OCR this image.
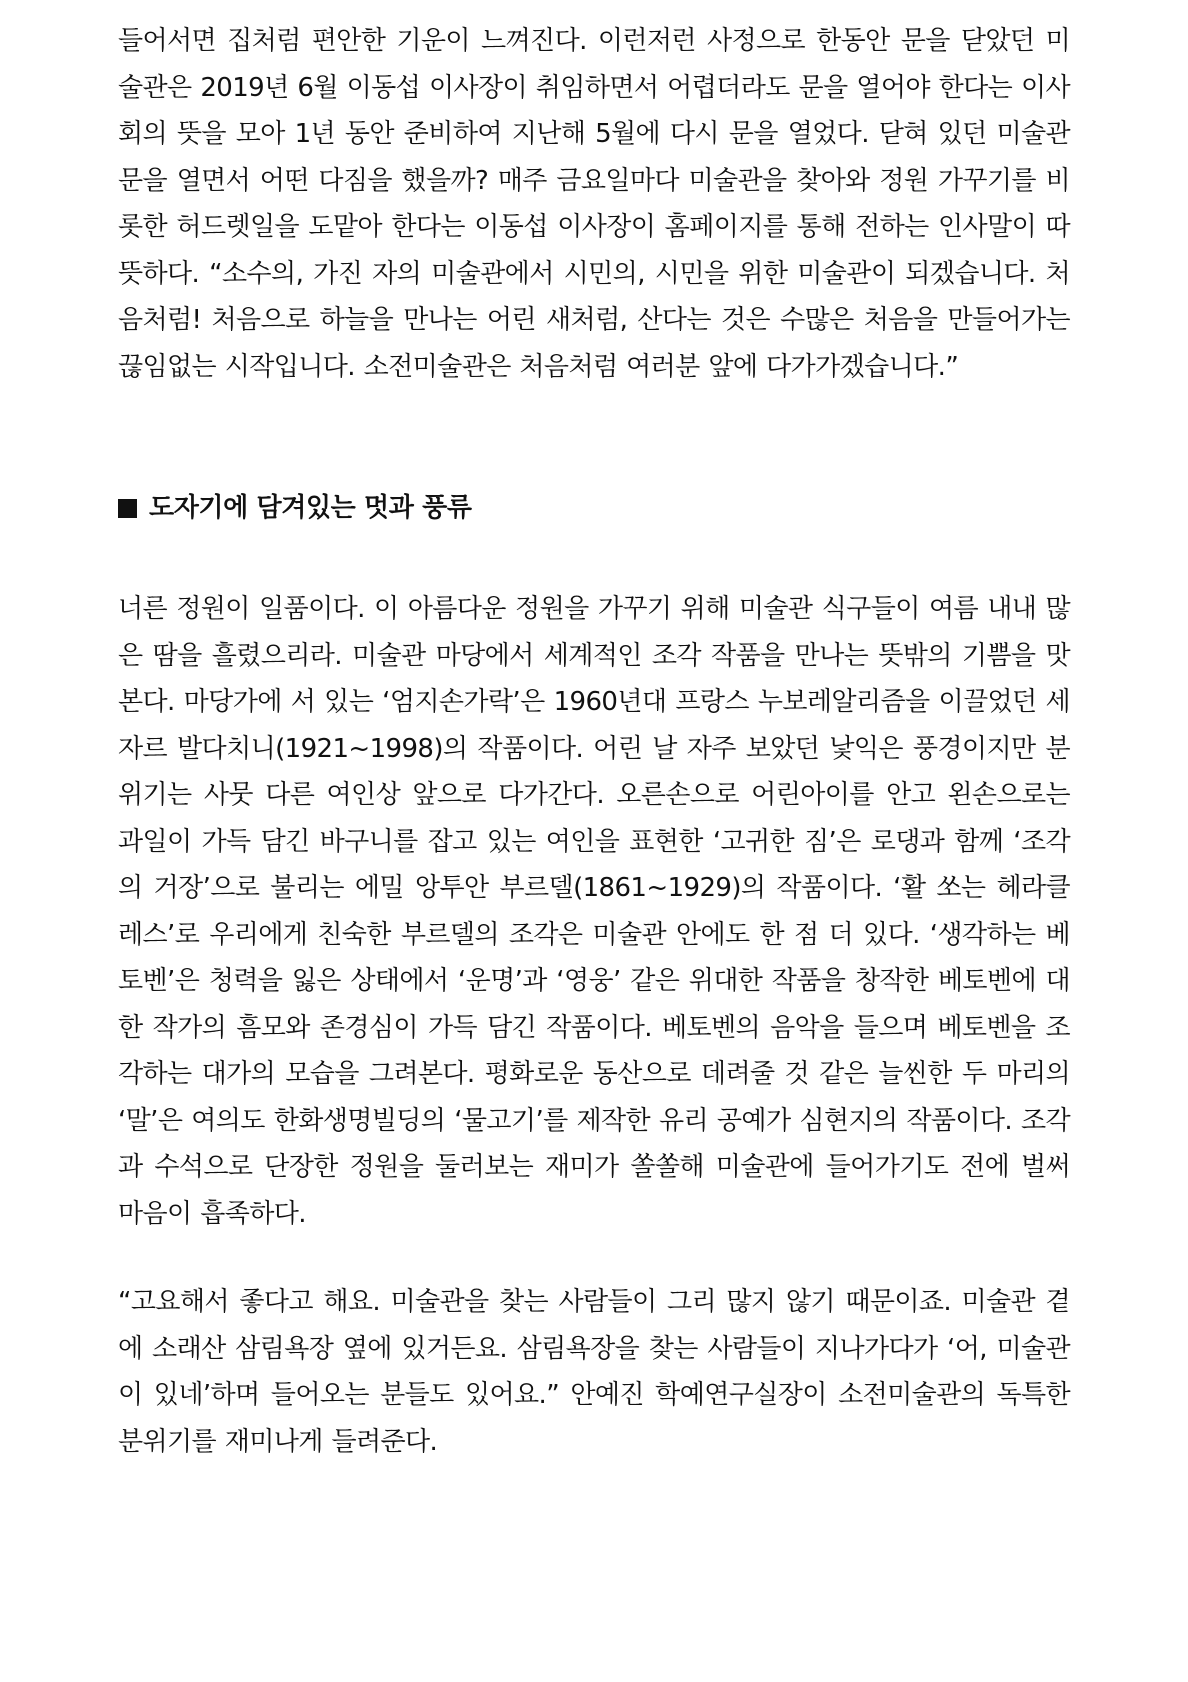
들어서면 집처럼 편안한 기운이 느껴진다. 이런저런 사정으로 한동안 문을 닫았던 미술관은 2019년 6월 이동섭 이사장이 취임하면서 어렵더라도 문을 열어야 한다는 이사회의 뜻을 모아 1년 동안 준비하여 지난해 5월에 다시 문을 열었다. 닫혀 있던 미술관 문을 열면서 어떤 다짐을 했을까? 매주 금요일마다 미술관을 찾아와 정원 가꾸기를 비롯한 허드렛일을 도맡아 한다는 이동섭 이사장이 홈페이지를 통해 전하는 인사말이 따뜻하다. “소수의, 가진 자의 미술관에서 시민의, 시민을 위한 미술관이 되겠습니다. 처음처럼! 처음으로 하늘을 만나는 어린 새처럼, 산다는 것은 수많은 처음을 만들어가는 끊임없는 시작입니다. 소전미술관은 처음처럼 여러분 앞에 다가가겠습니다.”

도자기에 담겨있는 멋과 풍류

너른 정원이 일품이다. 이 아름다운 정원을 가꾸기 위해 미술관 식구들이 여름 내내 많은 땀을 흘렸으리라. 미술관 마당에서 세계적인 조각 작품을 만나는 뜻밖의 기쁨을 맛본다. 마당가에 서 있는 ‘엄지손가락’은 1960년대 프랑스 누보레알리즘을 이끌었던 세자르 발다치니(1921~1998)의 작품이다. 어린 날 자주 보았던 낯익은 풍경이지만 분위기는 사뭇 다른 여인상 앞으로 다가간다. 오른손으로 어린아이를 안고 왼손으로는 과일이 가득 담긴 바구니를 잡고 있는 여인을 표현한 ‘고귀한 짐’은 로댕과 함께 ‘조각의 거장’으로 불리는 에밀 앙투안 부르델(1861~1929)의 작품이다. ‘활 쏘는 헤라클레스’로 우리에게 친숙한 부르델의 조각은 미술관 안에도 한 점 더 있다. ‘생각하는 베토벤’은 청력을 잃은 상태에서 ‘운명’과 ‘영웅’ 같은 위대한 작품을 창작한 베토벤에 대한 작가의 흠모와 존경심이 가득 담긴 작품이다. 베토벤의 음악을 들으며 베토벤을 조각하는 대가의 모습을 그려본다. 평화로운 동산으로 데려줄 것 같은 늘씬한 두 마리의 ‘말’은 여의도 한화생명빌딩의 ‘물고기’를 제작한 유리 공예가 심현지의 작품이다. 조각과 수석으로 단장한 정원을 둘러보는 재미가 쏠쏠해 미술관에 들어가기도 전에 벌써 마음이 흡족하다.

“고요해서 좋다고 해요. 미술관을 찾는 사람들이 그리 많지 않기 때문이죠. 미술관 곁에 소래산 삼림욕장 옆에 있거든요. 삼림욕장을 찾는 사람들이 지나가다가 ‘어, 미술관이 있네’하며 들어오는 분들도 있어요.” 안예진 학예연구실장이 소전미술관의 독특한 분위기를 재미나게 들려준다.
